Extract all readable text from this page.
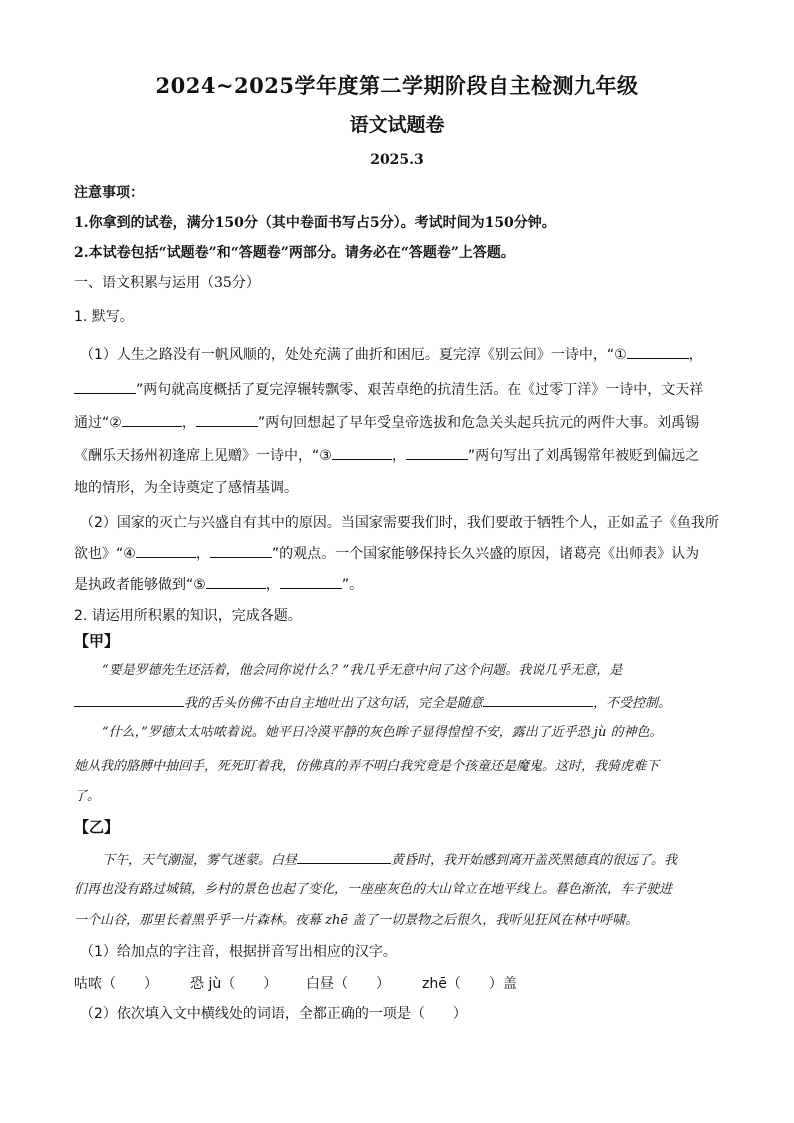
2024~2025学年度第二学期阶段自主检测九年级
语文试题卷
2025.3
注意事项：
1.你拿到的试卷，满分150分（其中卷面书写占5分）。考试时间为150分钟。
2.本试卷包括“试题卷”和“答题卷”两部分。请务必在“答题卷”上答题。
一、语文积累与运用（35分）
1. 默写。
（1）人生之路没有一帆风顺的，处处充满了曲折和困厄。夏完淳《别云间》一诗中，“①	，
”两句就高度概括了夏完淳辗转飘零、艰苦卓绝的抗清生活。在《过零丁洋》一诗中，文天祥
通过“②	，	”两句回想起了早年受皇帝选拔和危急关头起兵抗元的两件大事。刘禹锡
《酬乐天扬州初逢席上见赠》一诗中，“③	，	”两句写出了刘禹锡常年被贬到偏远之
地的情形，为全诗奠定了感情基调。
（2）国家的灭亡与兴盛自有其中的原因。当国家需要我们时，我们要敢于牺牲个人，正如孟子《鱼我所
欲也》“④	，	”的观点。一个国家能够保持长久兴盛的原因，诸葛亮《出师表》认为
是执政者能够做到“⑤	，	”。
2. 请运用所积累的知识，完成各题。
【甲】
“要是罗德先生还活着，他会同你说什么？”我几乎无意中问了这个问题。我说几乎无意，是
我的舌头仿佛不由自主地吐出了这句话，完全是随意	，不受控制。
“什么，”罗德太太咕哝着说。她平日冷漠平静的灰色眸子显得惶惶不安，露出了近乎恐 jù 的神色。
她从我的胳膊中抽回手，死死盯着我，仿佛真的弄不明白我究竟是个孩童还是魔鬼。这时，我骑虎难下
了。
【乙】
下午，天气潮湿，雾气迷蒙。白昼	黄昏时，我开始感到离开盖茨黑德真的很远了。我
们再也没有路过城镇，乡村的景色也起了变化，一座座灰色的大山耸立在地平线上。暮色渐浓，车子驶进
一个山谷，那里长着黑乎乎一片森林。夜幕 zhē 盖了一切景物之后很久，我听见狂风在林中呼啸。
（1）给加点的字注音，根据拼音写出相应的汉字。
咕哝（　　） 恐 jù（　　） 白昼（　　） zhē（　　）盖
（2）依次填入文中横线处的词语，全都正确的一项是（　　）
